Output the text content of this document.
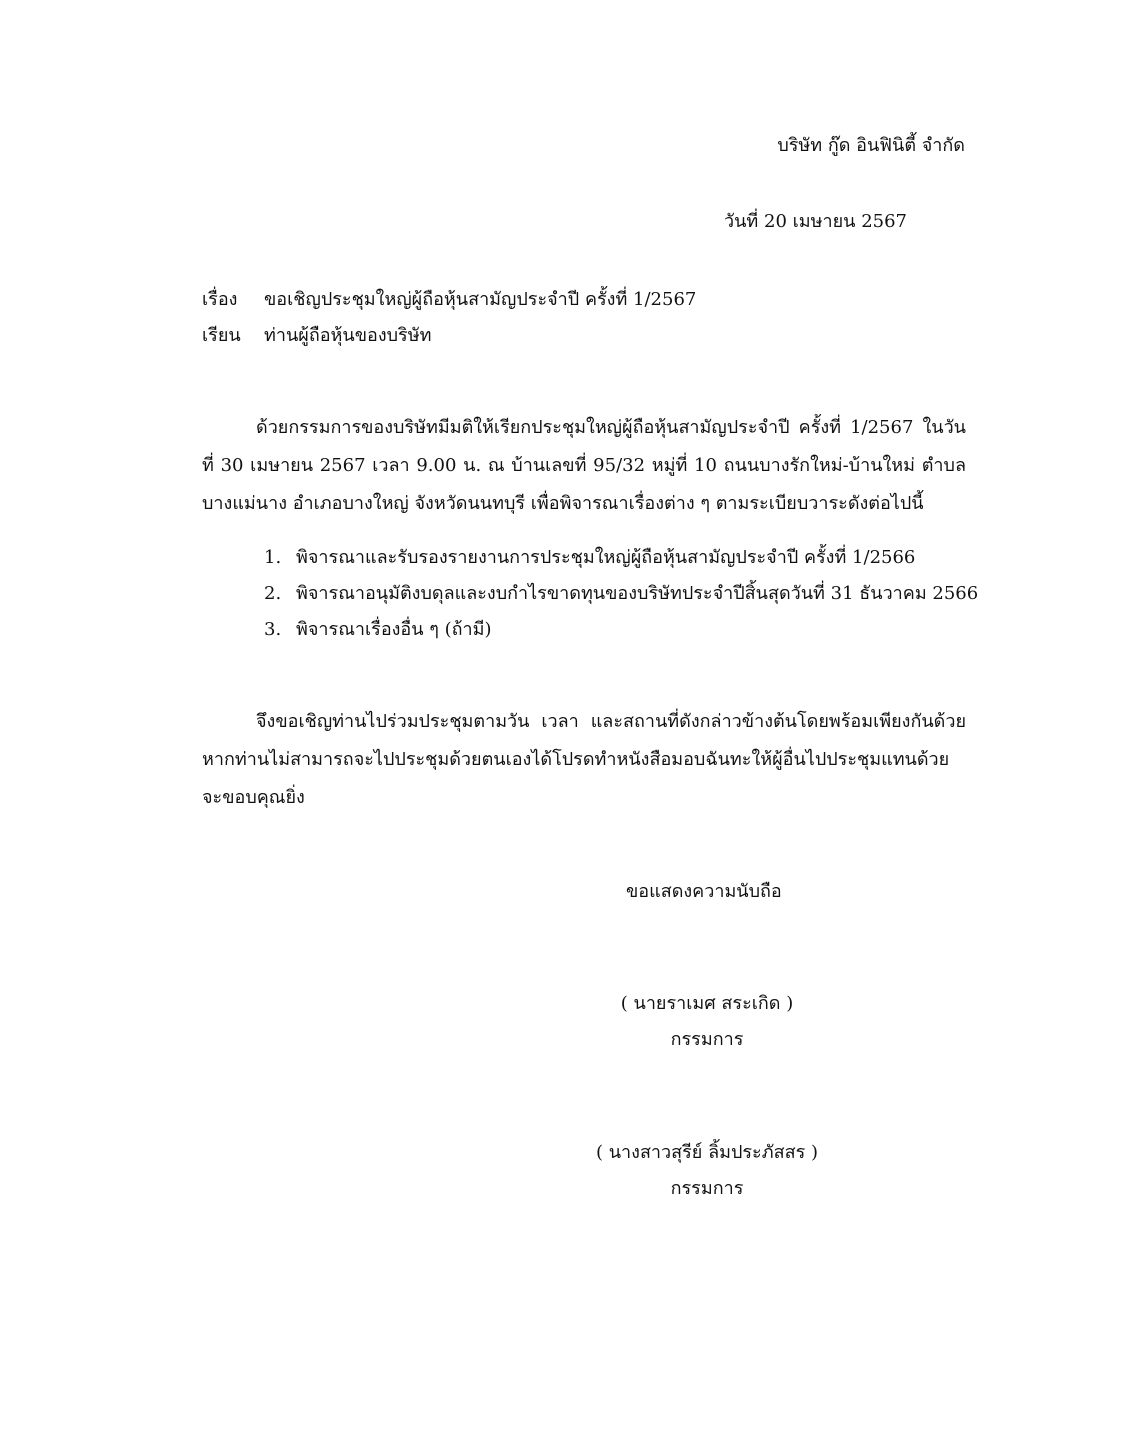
บริษัท กู๊ด อินฟินิตี้ จำกัด
วันที่ 20 เมษายน 2567
เรื่อง ขอเชิญประชุมใหญ่ผู้ถือหุ้นสามัญประจำปี ครั้งที่ 1/2567
เรียน ท่านผู้ถือหุ้นของบริษัท

ด้วยกรรมการของบริษัทมีมติให้เรียกประชุมใหญ่ผู้ถือหุ้นสามัญประจำปี ครั้งที่ 1/2567 ในวันที่ 30 เมษายน 2567 เวลา 9.00 น. ณ บ้านเลขที่ 95/32 หมู่ที่ 10 ถนนบางรักใหม่-บ้านใหม่ ตำบลบางแม่นาง อำเภอบางใหญ่ จังหวัดนนทบุรี เพื่อพิจารณาเรื่องต่าง ๆ ตามระเบียบวาระดังต่อไปนี้

1. พิจารณาและรับรองรายงานการประชุมใหญ่ผู้ถือหุ้นสามัญประจำปี ครั้งที่ 1/2566
2. พิจารณาอนุมัติงบดุลและงบกำไรขาดทุนของบริษัทประจำปีสิ้นสุดวันที่ 31 ธันวาคม 2566
3. พิจารณาเรื่องอื่น ๆ (ถ้ามี)

จึงขอเชิญท่านไปร่วมประชุมตามวัน เวลา และสถานที่ดังกล่าวข้างต้นโดยพร้อมเพียงกันด้วย หากท่านไม่สามารถจะไปประชุมด้วยตนเองได้โปรดทำหนังสือมอบฉันทะให้ผู้อื่นไปประชุมแทนด้วย จะขอบคุณยิ่ง

ขอแสดงความนับถือ
( นายราเมศ สระเกิด )
กรรมการ
( นางสาวสุรีย์ ลิ้มประภัสสร )
กรรมการ
